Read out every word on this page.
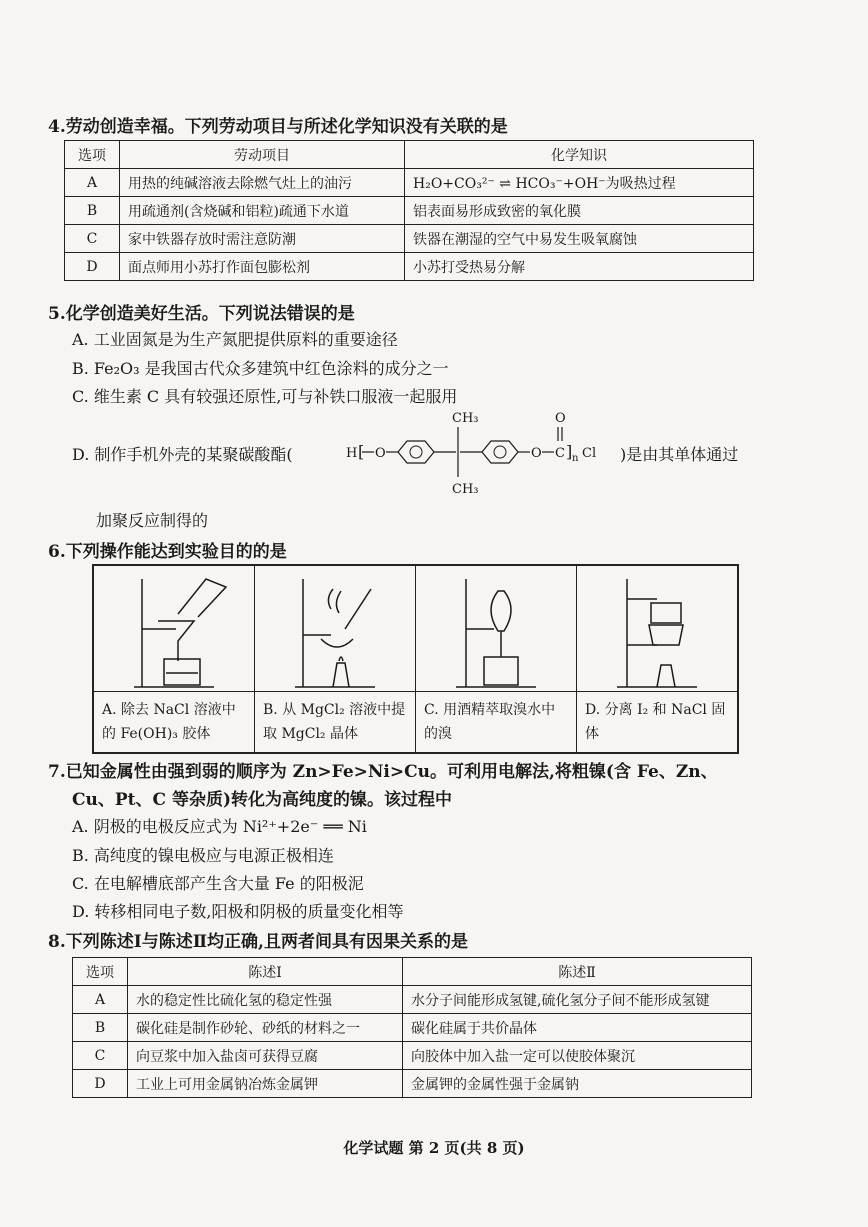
4.劳动创造幸福。下列劳动项目与所述化学知识没有关联的是
选项	劳动项目	化学知识
A	用热的纯碱溶液去除燃气灶上的油污	H₂O+CO₃²⁻ ⇌ HCO₃⁻+OH⁻为吸热过程
B	用疏通剂(含烧碱和铝粒)疏通下水道	铝表面易形成致密的氧化膜
C	家中铁器存放时需注意防潮	铁器在潮湿的空气中易发生吸氧腐蚀
D	面点师用小苏打作面包膨松剂	小苏打受热易分解
5.化学创造美好生活。下列说法错误的是
A. 工业固氮是为生产氮肥提供原料的重要途径
B. Fe₂O₃ 是我国古代众多建筑中红色涂料的成分之一
C. 维生素 C 具有较强还原性,可与补铁口服液一起服用
D. 制作手机外壳的某聚碳酸酯(	H [ O
CH₃
CH₃
O C
O
] n Cl )是由其单体通过
加聚反应制得的
6.下列操作能达到实验目的的是
A. 除去 NaCl 溶液中的 Fe(OH)₃ 胶体
B. 从 MgCl₂ 溶液中提取 MgCl₂ 晶体
C. 用酒精萃取溴水中的溴
D. 分离 I₂ 和 NaCl 固体
7.已知金属性由强到弱的顺序为 Zn>Fe>Ni>Cu。可利用电解法,将粗镍(含 Fe、Zn、
Cu、Pt、C 等杂质)转化为高纯度的镍。该过程中
A. 阴极的电极反应式为 Ni²⁺+2e⁻ ══ Ni
B. 高纯度的镍电极应与电源正极相连
C. 在电解槽底部产生含大量 Fe 的阳极泥
D. 转移相同电子数,阳极和阴极的质量变化相等
8.下列陈述Ⅰ与陈述Ⅱ均正确,且两者间具有因果关系的是
选项	陈述Ⅰ	陈述Ⅱ
A	水的稳定性比硫化氢的稳定性强	水分子间能形成氢键,硫化氢分子间不能形成氢键
B	碳化硅是制作砂轮、砂纸的材料之一	碳化硅属于共价晶体
C	向豆浆中加入盐卤可获得豆腐	向胶体中加入盐一定可以使胶体聚沉
D	工业上可用金属钠冶炼金属钾	金属钾的金属性强于金属钠
化学试题 第 2 页(共 8 页)
